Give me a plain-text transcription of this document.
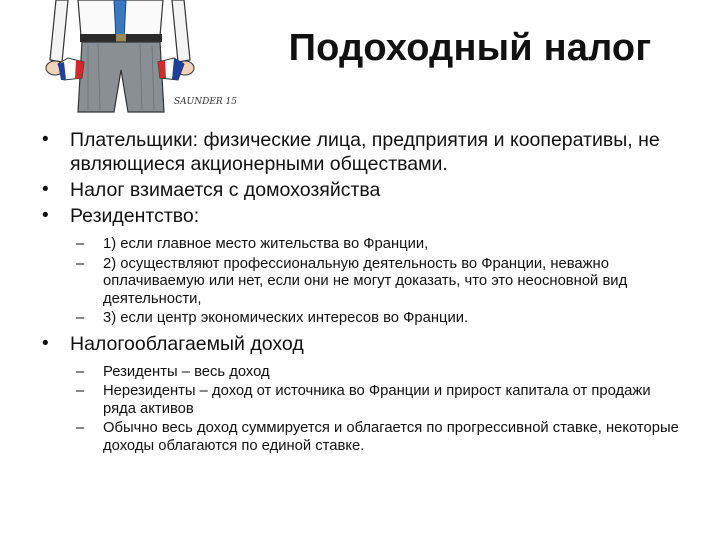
SAUNDER 15
Подоходный налог
• Плательщики: физические лица, предприятия и кооперативы, не являющиеся акционерными обществами.
• Налог взимается с домохозяйства
• Резидентство:
– 1) если главное место жительства во Франции,
– 2) осуществляют профессиональную деятельность во Франции, неважно оплачиваемую или нет, если они не могут доказать, что это неосновной вид деятельности,
– 3) если центр экономических интересов во Франции.
• Налогооблагаемый доход
– Резиденты – весь доход
– Нерезиденты – доход от источника во Франции и прирост капитала от продажи ряда активов
– Обычно весь доход суммируется и облагается по прогрессивной ставке, некоторые доходы облагаются по единой ставке.
